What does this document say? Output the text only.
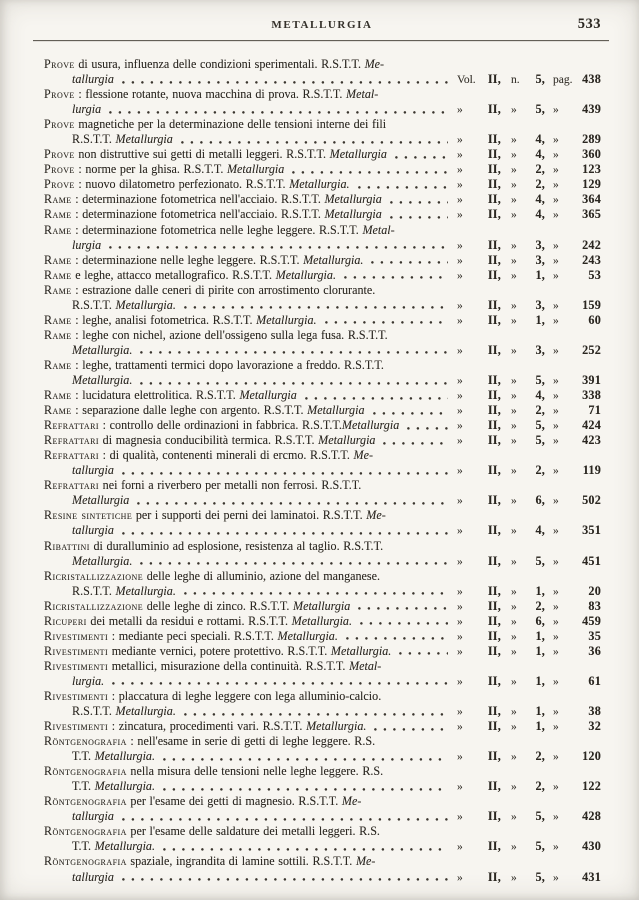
METALLURGIA	533
Prove di usura, influenza delle condizioni sperimentali. R.S.T.T. Me-
tallurgia	Vol. II, n. 5, pag. 438
Prove : flessione rotante, nuova macchina di prova. R.S.T.T. Metal-
lurgia	» II, » 5, » 439
Prove magnetiche per la determinazione delle tensioni interne dei fili
R.S.T.T. Metallurgia	» II, » 4, » 289
Prove non distruttive sui getti di metalli leggeri. R.S.T.T. Metallurgia	» II, » 4, » 360
Prove : norme per la ghisa. R.S.T.T. Metallurgia	» II, » 2, » 123
Prove : nuovo dilatometro perfezionato. R.S.T.T. Metallurgia.	» II, » 2, » 129
Rame : determinazione fotometrica nell'acciaio. R.S.T.T. Metallurgia	» II, » 4, » 364
Rame : determinazione fotometrica nell'acciaio. R.S.T.T. Metallurgia	» II, » 4, » 365
Rame : determinazione fotometrica nelle leghe leggere. R.S.T.T. Metal-
lurgia	» II, » 3, » 242
Rame : determinazione nelle leghe leggere. R.S.T.T. Metallurgia.	» II, » 3, » 243
Rame e leghe, attacco metallografico. R.S.T.T. Metallurgia.	» II, » 1, » 53
Rame : estrazione dalle ceneri di pirite con arrostimento clorurante.
R.S.T.T. Metallurgia.	» II, » 3, » 159
Rame : leghe, analisi fotometrica. R.S.T.T. Metallurgia.	» II, » 1, » 60
Rame : leghe con nichel, azione dell'ossigeno sulla lega fusa. R.S.T.T.
Metallurgia.	» II, » 3, » 252
Rame : leghe, trattamenti termici dopo lavorazione a freddo. R.S.T.T.
Metallurgia.	» II, » 5, » 391
Rame : lucidatura elettrolitica. R.S.T.T. Metallurgia	» II, » 4, » 338
Rame : separazione dalle leghe con argento. R.S.T.T. Metallurgia	» II, » 2, » 71
Refrattari : controllo delle ordinazioni in fabbrica. R.S.T.T.Metallurgia	» II, » 5, » 424
Refrattari di magnesia conducibilità termica. R.S.T.T. Metallurgia	» II, » 5, » 423
Refrattari : di qualità, contenenti minerali di ercmo. R.S.T.T. Me-
tallurgia	» II, » 2, » 119
Refrattari nei forni a riverbero per metalli non ferrosi. R.S.T.T.
Metallurgia	» II, » 6, » 502
Resine sintetiche per i supporti dei perni dei laminatoi. R.S.T.T. Me-
tallurgia	» II, » 4, » 351
Ribattini di duralluminio ad esplosione, resistenza al taglio. R.S.T.T.
Metallurgia.	» II, » 5, » 451
Ricristallizzazione delle leghe di alluminio, azione del manganese.
R.S.T.T. Metallurgia.	» II, » 1, » 20
Ricristallizzazione delle leghe di zinco. R.S.T.T. Metallurgia	» II, » 2, » 83
Ricuperi dei metalli da residui e rottami. R.S.T.T. Metallurgia.	» II, » 6, » 459
Rivestimenti : mediante peci speciali. R.S.T.T. Metallurgia.	» II, » 1, » 35
Rivestimenti mediante vernici, potere protettivo. R.S.T.T. Metallurgia.	» II, » 1, » 36
Rivestimenti metallici, misurazione della continuità. R.S.T.T. Metal-
lurgia.	» II, » 1, » 61
Rivestimenti : placcatura di leghe leggere con lega alluminio-calcio.
R.S.T.T. Metallurgia.	» II, » 1, » 38
Rivestimenti : zincatura, procedimenti vari. R.S.T.T. Metallurgia.	» II, » 1, » 32
Röntgenografia : nell'esame in serie di getti di leghe leggere. R.S.
T.T. Metallurgia.	» II, » 2, » 120
Röntgenografia nella misura delle tensioni nelle leghe leggere. R.S.
T.T. Metallurgia.	» II, » 2, » 122
Röntgenografia per l'esame dei getti di magnesio. R.S.T.T. Me-
tallurgia	» II, » 5, » 428
Röntgenografia per l'esame delle saldature dei metalli leggeri. R.S.
T.T. Metallurgia.	» II, » 5, » 430
Röntgenografia spaziale, ingrandita di lamine sottili. R.S.T.T. Me-
tallurgia	» II, » 5, » 431
